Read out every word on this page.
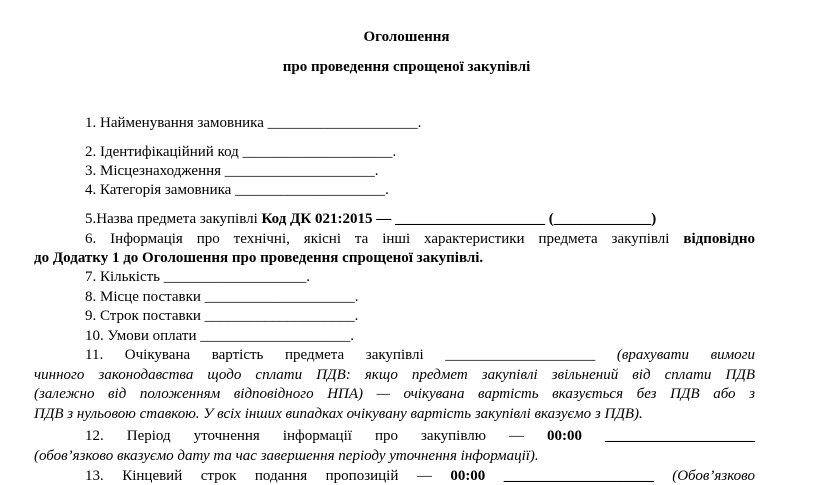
Оголошення
про проведення спрощеної закупівлі
1. Найменування замовника ____________________.
2. Ідентифікаційний код ____________________.
3. Місцезнаходження ____________________.
4. Категорія замовника ____________________.
5.Назва предмета закупівлі Код ДК 021:2015 — ____________________ (_____________)
6. Інформація про технічні, якісні та інші характеристики предмета закупівлі відповідно
до Додатку 1 до Оголошення про проведення спрощеної закупівлі.
7. Кількість ___________________.
8. Місце поставки ____________________.
9. Строк поставки ____________________.
10. Умови оплати ____________________.
11. Очікувана вартість предмета закупівлі ____________________ (врахувати вимоги
чинного законодавства щодо сплати ПДВ: якщо предмет закупівлі звільнений від сплати ПДВ
(залежно від положенням відповідного НПА) — очікувана вартість вказується без ПДВ або з
ПДВ з нульовою ставкою. У всіх інших випадках очікувану вартість закупівлі вказуємо з ПДВ).
12. Період уточнення інформації про закупівлю — 00:00 ____________________
(обов’язково вказуємо дату та час завершення періоду уточнення інформації).
13. Кінцевий строк подання пропозицій — 00:00 ____________________ (Обов’язково
